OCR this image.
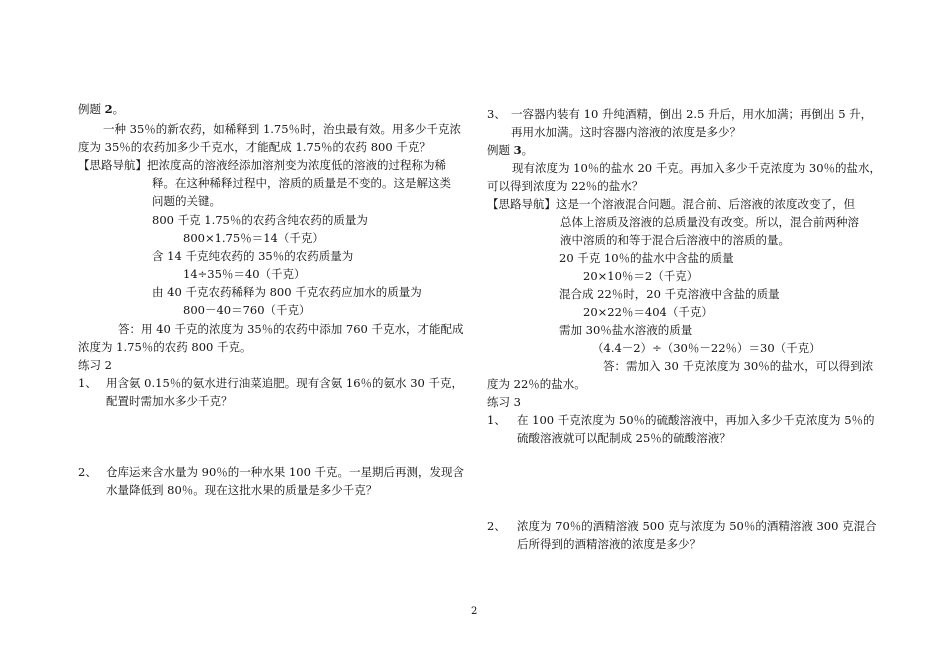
例题 2。
一种 35％的新农药，如稀释到 1.75％时，治虫最有效。用多少千克浓
度为 35％的农药加多少千克水，才能配成 1.75％的农药 800 千克？
【思路导航】把浓度高的溶液经添加溶剂变为浓度低的溶液的过程称为稀
释。在这种稀释过程中，溶质的质量是不变的。这是解这类
问题的关键。
800 千克 1.75％的农药含纯农药的质量为
800×1.75％＝14（千克）
含 14 千克纯农药的 35％的农药质量为
14÷35％＝40（千克）
由 40 千克农药稀释为 800 千克农药应加水的质量为
800－40＝760（千克）
答：用 40 千克的浓度为 35％的农药中添加 760 千克水，才能配成
浓度为 1.75％的农药 800 千克。
练习 2
1、 用含氨 0.15％的氨水进行油菜追肥。现有含氨 16％的氨水 30 千克，
配置时需加水多少千克？
2、 仓库运来含水量为 90％的一种水果 100 千克。一星期后再测，发现含
水量降低到 80％。现在这批水果的质量是多少千克？
3、 一容器内装有 10 升纯酒精，倒出 2.5 升后，用水加满；再倒出 5 升，
再用水加满。这时容器内溶液的浓度是多少？
例题 3。
现有浓度为 10％的盐水 20 千克。再加入多少千克浓度为 30％的盐水，
可以得到浓度为 22％的盐水？
【思路导航】这是一个溶液混合问题。混合前、后溶液的浓度改变了，但
总体上溶质及溶液的总质量没有改变。所以，混合前两种溶
液中溶质的和等于混合后溶液中的溶质的量。
20 千克 10％的盐水中含盐的质量
20×10％＝2（千克）
混合成 22％时，20 千克溶液中含盐的质量
20×22％＝404（千克）
需加 30％盐水溶液的质量
（4.4－2）÷（30％－22％）＝30（千克）
答：需加入 30 千克浓度为 30％的盐水，可以得到浓
度为 22％的盐水。
练习 3
1、 在 100 千克浓度为 50％的硫酸溶液中，再加入多少千克浓度为 5％的
硫酸溶液就可以配制成 25％的硫酸溶液？
2、 浓度为 70％的酒精溶液 500 克与浓度为 50％的酒精溶液 300 克混合
后所得到的酒精溶液的浓度是多少？
2
